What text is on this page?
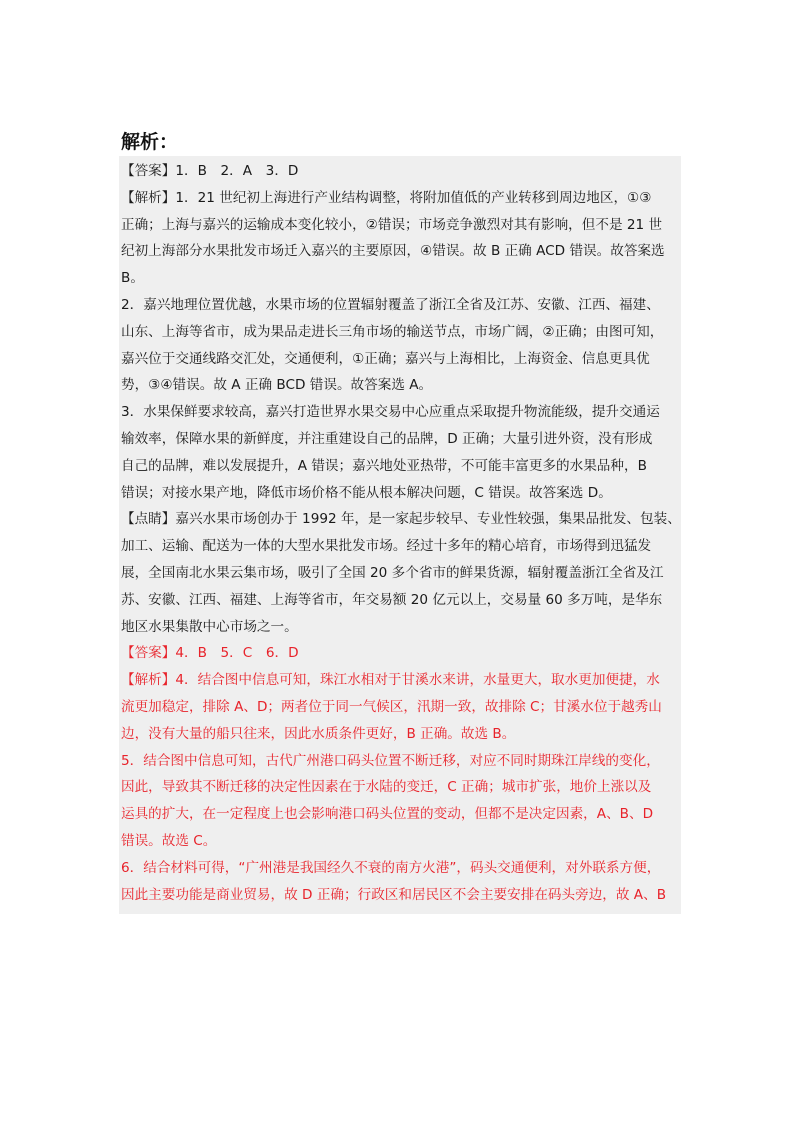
解析：
【答案】1．B　2．A　3．D
【解析】1．21 世纪初上海进行产业结构调整，将附加值低的产业转移到周边地区，①③
正确；上海与嘉兴的运输成本变化较小，②错误；市场竞争激烈对其有影响，但不是 21 世
纪初上海部分水果批发市场迁入嘉兴的主要原因，④错误。故 B 正确 ACD 错误。故答案选
B。
2．嘉兴地理位置优越，水果市场的位置辐射覆盖了浙江全省及江苏、安徽、江西、福建、
山东、上海等省市，成为果品走进长三角市场的输送节点，市场广阔，②正确；由图可知，
嘉兴位于交通线路交汇处，交通便利，①正确；嘉兴与上海相比，上海资金、信息更具优
势，③④错误。故 A 正确 BCD 错误。故答案选 A。
3．水果保鲜要求较高，嘉兴打造世界水果交易中心应重点采取提升物流能级，提升交通运
输效率，保障水果的新鲜度，并注重建设自己的品牌，D 正确；大量引进外资，没有形成
自己的品牌，难以发展提升，A 错误；嘉兴地处亚热带，不可能丰富更多的水果品种，B
错误；对接水果产地，降低市场价格不能从根本解决问题，C 错误。故答案选 D。
【点睛】嘉兴水果市场创办于 1992 年，是一家起步较早、专业性较强，集果品批发、包装、
加工、运输、配送为一体的大型水果批发市场。经过十多年的精心培育，市场得到迅猛发
展，全国南北水果云集市场，吸引了全国 20 多个省市的鲜果货源，辐射覆盖浙江全省及江
苏、安徽、江西、福建、上海等省市，年交易额 20 亿元以上，交易量 60 多万吨，是华东
地区水果集散中心市场之一。
【答案】4．B　5．C　6．D
【解析】4．结合图中信息可知，珠江水相对于甘溪水来讲，水量更大，取水更加便捷，水
流更加稳定，排除 A、D；两者位于同一气候区，汛期一致，故排除 C；甘溪水位于越秀山
边，没有大量的船只往来，因此水质条件更好，B 正确。故选 B。
5．结合图中信息可知，古代广州港口码头位置不断迁移，对应不同时期珠江岸线的变化，
因此，导致其不断迁移的决定性因素在于水陆的变迁，C 正确；城市扩张，地价上涨以及
运具的扩大，在一定程度上也会影响港口码头位置的变动，但都不是决定因素，A、B、D
错误。故选 C。
6．结合材料可得，“广州港是我国经久不衰的南方火港”，码头交通便利，对外联系方便，
因此主要功能是商业贸易，故 D 正确；行政区和居民区不会主要安排在码头旁边，故 A、B
